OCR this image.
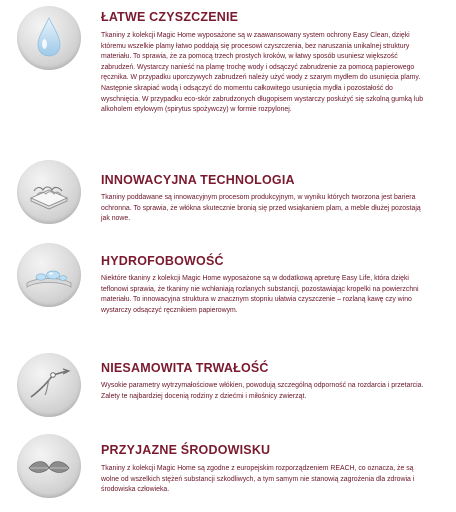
ŁATWE CZYSZCZENIE

Tkaniny z kolekcji Magic Home wyposażone są w zaawansowany system ochrony Easy Clean, dzięki któremu wszelkie plamy łatwo poddają się procesowi czyszczenia, bez naruszania unikalnej struktury materiału. To sprawia, że za pomocą trzech prostych kroków, w łatwy sposób usuniesz większość zabrudzeń. Wystarczy nanieść na plamę trochę wody i odsączyć zabrudzenie za pomocą papierowego ręcznika. W przypadku uporczywych zabrudzeń należy użyć wody z szarym mydłem do usunięcia plamy. Następnie skrapiać wodą i odsączyć do momentu całkowitego usunięcia mydła i pozostałość do wyschnięcia. W przypadku eco-skór zabrudzonych długopisem wystarczy posłużyć się szkolną gumką lub alkoholem etylowym (spirytus spożywczy) w formie rozpylonej.

INNOWACYJNA TECHNOLOGIA

Tkaniny poddawane są innowacyjnym procesom produkcyjnym, w wyniku których tworzona jest bariera ochronna. To sprawia, że włókna skutecznie bronią się przed wsiąkaniem plam, a meble dłużej pozostają jak nowe.

HYDROFOBOWOŚĆ

Niektóre tkaniny z kolekcji Magic Home wyposażone są w dodatkową apreturę Easy Life, która dzięki teflonowi sprawia, że tkaniny nie wchłaniają rozlanych substancji, pozostawiając kropelki na powierzchni materiału. To innowacyjna struktura w znacznym stopniu ułatwia czyszczenie – rozlaną kawę czy wino wystarczy odsączyć ręcznikiem papierowym.

NIESAMOWITA TRWAŁOŚĆ

Wysokie parametry wytrzymałościowe włókien, powodują szczególną odporność na rozdarcia i przetarcia. Zalety te najbardziej docenią rodziny z dziećmi i miłośnicy zwierząt.

PRZYJAZNE ŚRODOWISKU

Tkaniny z kolekcji Magic Home są zgodne z europejskim rozporządzeniem REACH, co oznacza, że są wolne od wszelkich stężeń substancji szkodliwych, a tym samym nie stanowią zagrożenia dla zdrowia i środowiska człowieka.
